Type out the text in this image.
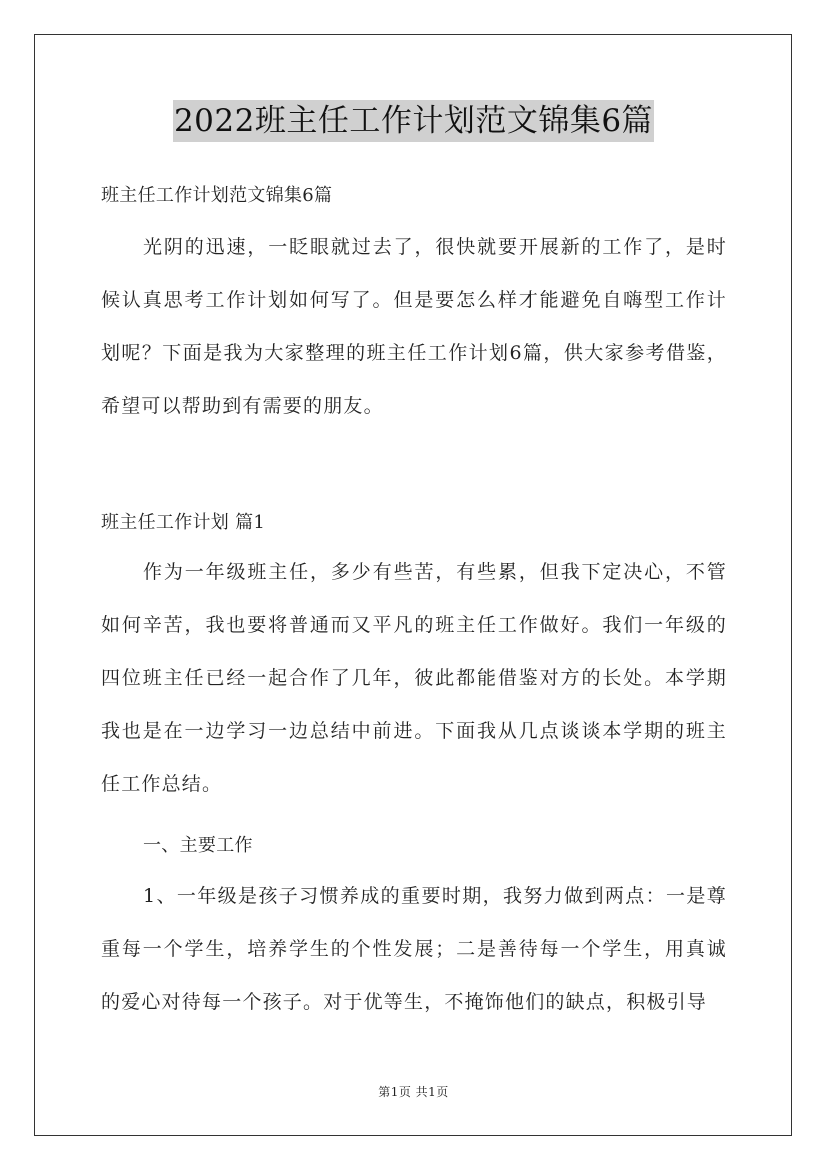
2022班主任工作计划范文锦集6篇
班主任工作计划范文锦集6篇

光阴的迅速，一眨眼就过去了，很快就要开展新的工作了，是时候认真思考工作计划如何写了。但是要怎么样才能避免自嗨型工作计划呢？下面是我为大家整理的班主任工作计划6篇，供大家参考借鉴，希望可以帮助到有需要的朋友。

班主任工作计划 篇1

作为一年级班主任，多少有些苦，有些累，但我下定决心，不管如何辛苦，我也要将普通而又平凡的班主任工作做好。我们一年级的四位班主任已经一起合作了几年，彼此都能借鉴对方的长处。本学期我也是在一边学习一边总结中前进。下面我从几点谈谈本学期的班主任工作总结。

一、主要工作

1、一年级是孩子习惯养成的重要时期，我努力做到两点：一是尊重每一个学生，培养学生的个性发展；二是善待每一个学生，用真诚的爱心对待每一个孩子。对于优等生，不掩饰他们的缺点，积极引导

第1页 共1页
